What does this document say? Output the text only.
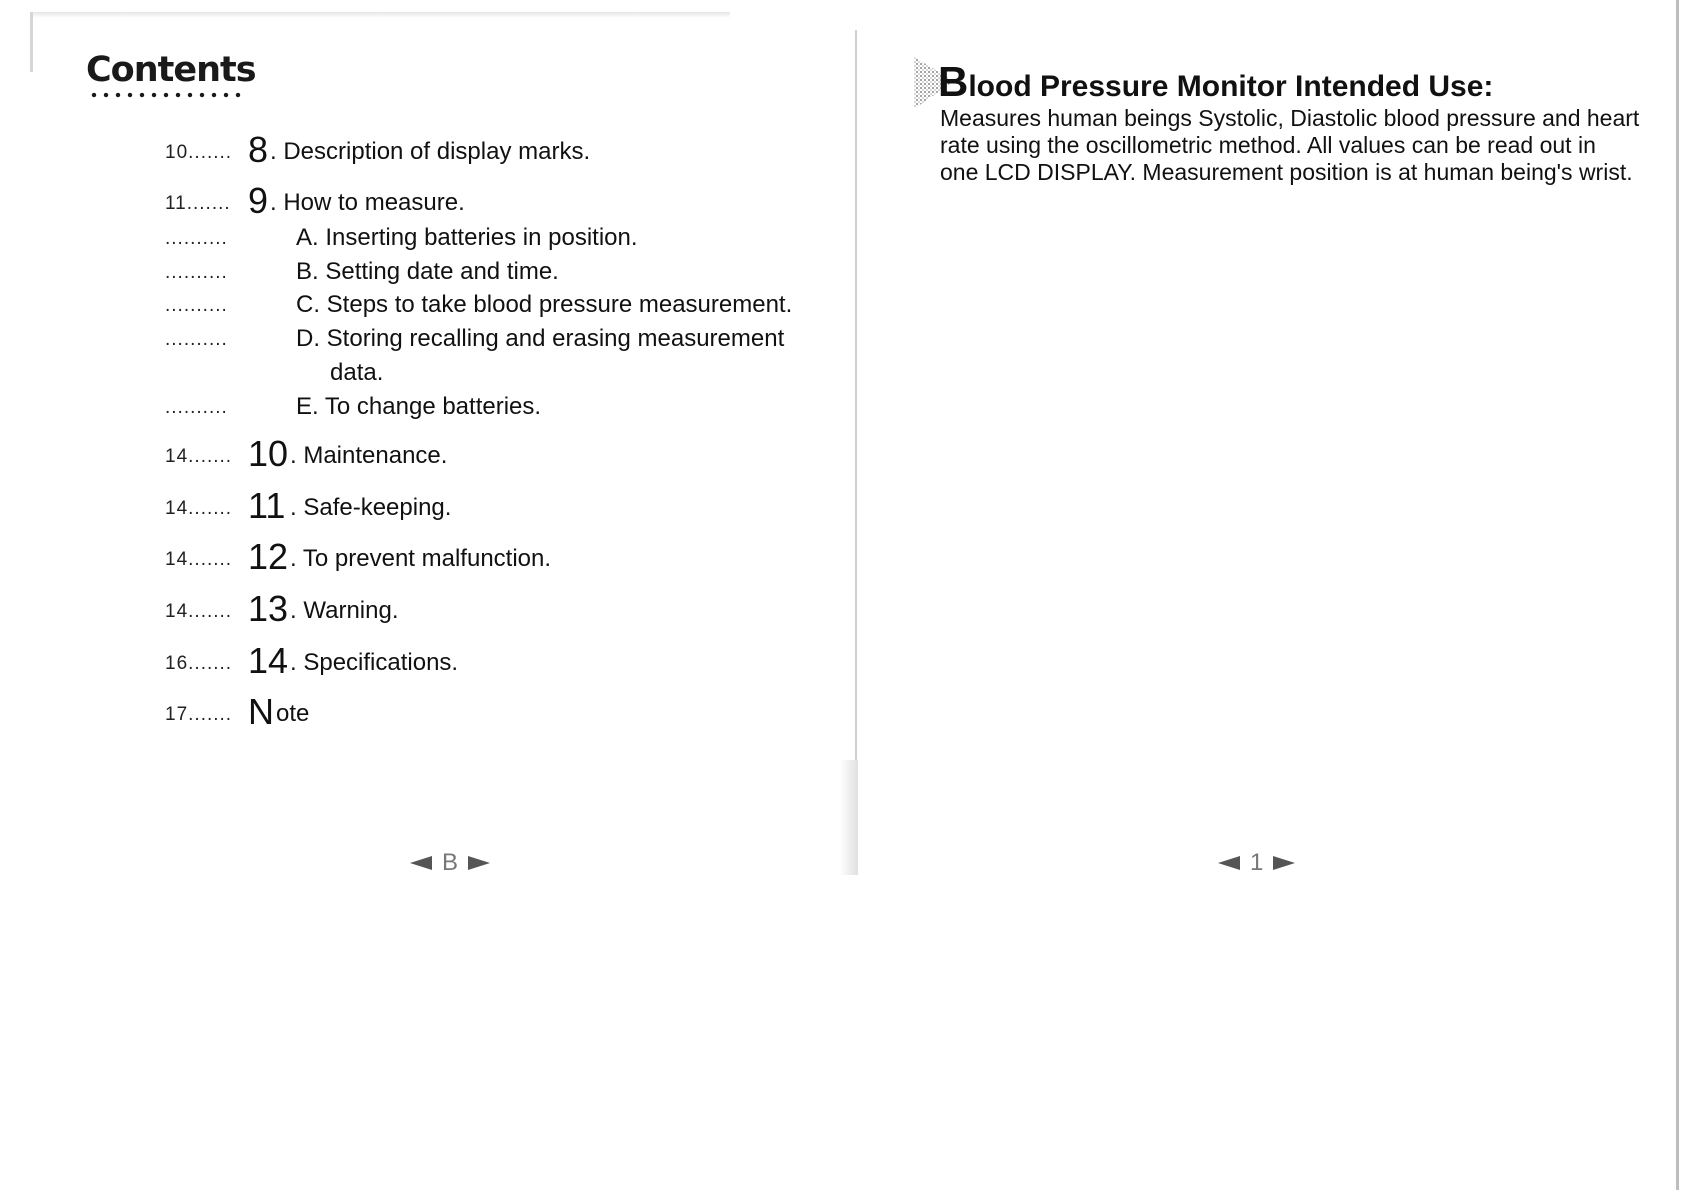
Contents
10....... 8 . Description of display marks.
11....... 9 . How to measure.
..........	A. Inserting batteries in position.
..........	B. Setting date and time.
..........	C. Steps to take blood pressure measurement.
..........	D. Storing recalling and erasing measurement
data.
..........	E. To change batteries.
14....... 10 . Maintenance.
14....... 11 . Safe-keeping.
14....... 12 . To prevent malfunction.
14....... 13 . Warning.
16....... 14 . Specifications.
17....... N ote
B
Blood Pressure Monitor Intended Use:
Measures human beings Systolic, Diastolic blood pressure and heart rate using the oscillometric method. All values can be read out in one LCD DISPLAY. Measurement position is at human being's wrist.
1
